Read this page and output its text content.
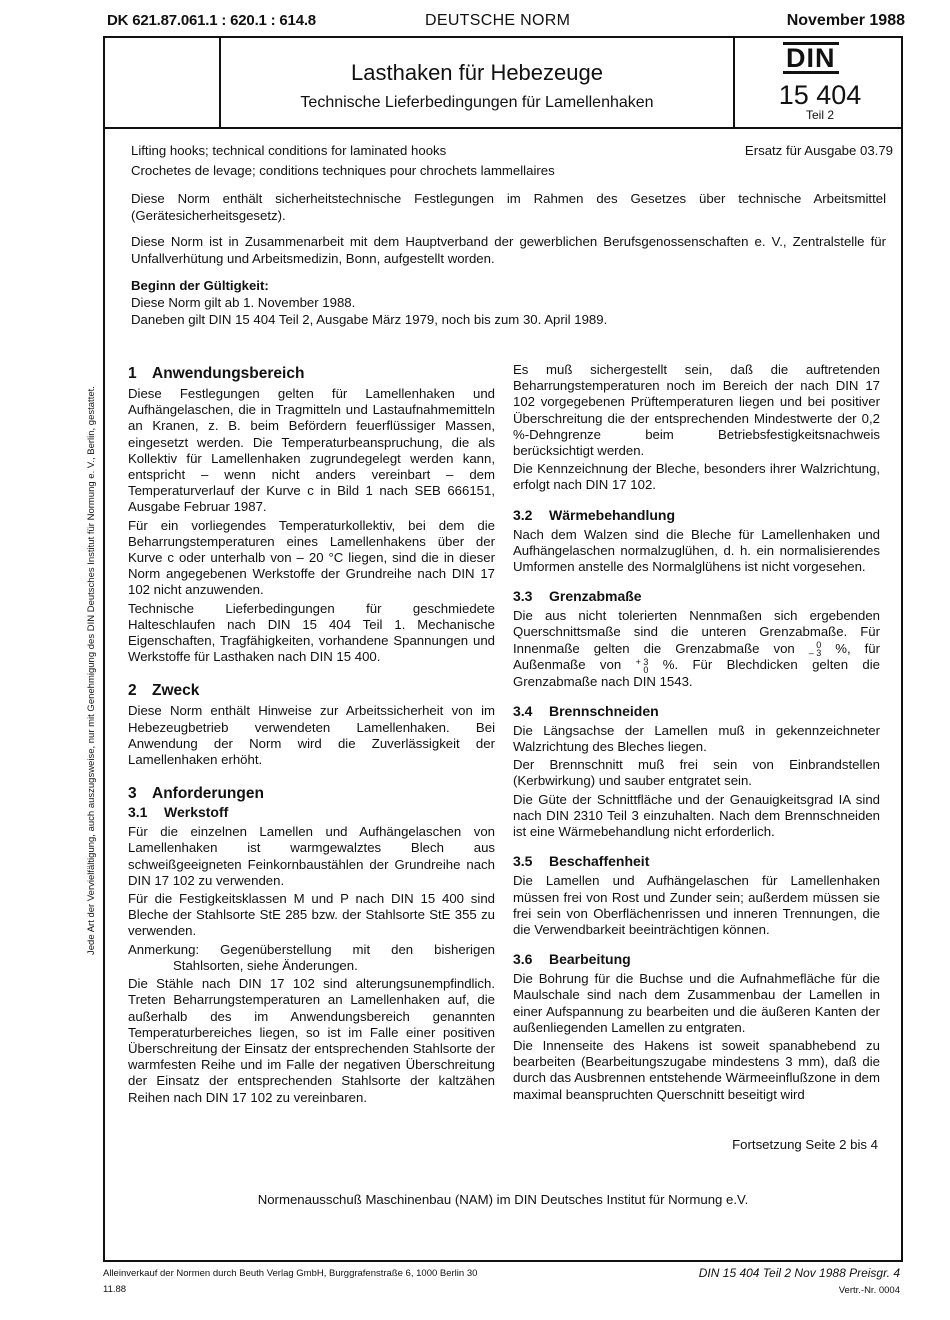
DK 621.87.061.1 : 620.1 : 614.8	DEUTSCHE NORM	November 1988
Lasthaken für Hebezeuge
Technische Lieferbedingungen für Lamellenhaken
DIN
15 404
Teil 2
Lifting hooks; technical conditions for laminated hooks	Ersatz für Ausgabe 03.79
Crochetes de levage; conditions techniques pour chrochets lammellaires

Diese Norm enthält sicherheitstechnische Festlegungen im Rahmen des Gesetzes über technische Arbeitsmittel (Gerätesicherheitsgesetz).

Diese Norm ist in Zusammenarbeit mit dem Hauptverband der gewerblichen Berufsgenossenschaften e. V., Zentralstelle für Unfallverhütung und Arbeitsmedizin, Bonn, aufgestellt worden.

Beginn der Gültigkeit:

Diese Norm gilt ab 1. November 1988.

Daneben gilt DIN 15 404 Teil 2, Ausgabe März 1979, noch bis zum 30. April 1989.

1 Anwendungsbereich

Diese Festlegungen gelten für Lamellenhaken und Aufhängelaschen, die in Tragmitteln und Lastaufnahmemitteln an Kranen, z. B. beim Befördern feuerflüssiger Massen, eingesetzt werden. Die Temperaturbeanspruchung, die als Kollektiv für Lamellenhaken zugrundegelegt werden kann, entspricht – wenn nicht anders vereinbart – dem Temperaturverlauf der Kurve c in Bild 1 nach SEB 666151, Ausgabe Februar 1987.

Für ein vorliegendes Temperaturkollektiv, bei dem die Beharrungstemperaturen eines Lamellenhakens über der Kurve c oder unterhalb von – 20 °C liegen, sind die in dieser Norm angegebenen Werkstoffe der Grundreihe nach DIN 17 102 nicht anzuwenden.

Technische Lieferbedingungen für geschmiedete Halteschlaufen nach DIN 15 404 Teil 1. Mechanische Eigenschaften, Tragfähigkeiten, vorhandene Spannungen und Werkstoffe für Lasthaken nach DIN 15 400.

2 Zweck

Diese Norm enthält Hinweise zur Arbeitssicherheit von im Hebezeugbetrieb verwendeten Lamellenhaken. Bei Anwendung der Norm wird die Zuverlässigkeit der Lamellenhaken erhöht.

3 Anforderungen
3.1 Werkstoff

Für die einzelnen Lamellen und Aufhängelaschen von Lamellenhaken ist warmgewalztes Blech aus schweißgeeigneten Feinkornbaustählen der Grundreihe nach DIN 17 102 zu verwenden.

Für die Festigkeitsklassen M und P nach DIN 15 400 sind Bleche der Stahlsorte StE 285 bzw. der Stahlsorte StE 355 zu verwenden.

Anmerkung: Gegenüberstellung mit den bisherigen Stahlsorten, siehe Änderungen.

Die Stähle nach DIN 17 102 sind alterungsunempfindlich. Treten Beharrungstemperaturen an Lamellenhaken auf, die außerhalb des im Anwendungsbereich genannten Temperaturbereiches liegen, so ist im Falle einer positiven Überschreitung der Einsatz der entsprechenden Stahlsorte der warmfesten Reihe und im Falle der negativen Überschreitung der Einsatz der entsprechenden Stahlsorte der kaltzähen Reihen nach DIN 17 102 zu vereinbaren.

Es muß sichergestellt sein, daß die auftretenden Beharrungstemperaturen noch im Bereich der nach DIN 17 102 vorgegebenen Prüftemperaturen liegen und bei positiver Überschreitung die der entsprechenden Mindestwerte der 0,2 %-Dehngrenze beim Betriebsfestigkeitsnachweis berücksichtigt werden.

Die Kennzeichnung der Bleche, besonders ihrer Walzrichtung, erfolgt nach DIN 17 102.

3.2 Wärmebehandlung

Nach dem Walzen sind die Bleche für Lamellenhaken und Aufhängelaschen normalzuglühen, d. h. ein normalisierendes Umformen anstelle des Normalglühens ist nicht vorgesehen.

3.3 Grenzabmaße

Die aus nicht tolerierten Nennmaßen sich ergebenden Querschnittsmaße sind die unteren Grenzabmaße. Für Innenmaße gelten die Grenzabmaße von 0
– 3 %, für Außenmaße von + 3
0 %. Für Blechdicken gelten die Grenzabmaße nach DIN 1543.

3.4 Brennschneiden

Die Längsachse der Lamellen muß in gekennzeichneter Walzrichtung des Bleches liegen.

Der Brennschnitt muß frei sein von Einbrandstellen (Kerbwirkung) und sauber entgratet sein.

Die Güte der Schnittfläche und der Genauigkeitsgrad IA sind nach DIN 2310 Teil 3 einzuhalten. Nach dem Brennschneiden ist eine Wärmebehandlung nicht erforderlich.

3.5 Beschaffenheit

Die Lamellen und Aufhängelaschen für Lamellenhaken müssen frei von Rost und Zunder sein; außerdem müssen sie frei sein von Oberflächenrissen und inneren Trennungen, die die Verwendbarkeit beeinträchtigen können.

3.6 Bearbeitung

Die Bohrung für die Buchse und die Aufnahmefläche für die Maulschale sind nach dem Zusammenbau der Lamellen in einer Aufspannung zu bearbeiten und die äußeren Kanten der außenliegenden Lamellen zu entgraten.

Die Innenseite des Hakens ist soweit spanabhebend zu bearbeiten (Bearbeitungszugabe mindestens 3 mm), daß die durch das Ausbrennen entstehende Wärmeeinflußzone in dem maximal beanspruchten Querschnitt beseitigt wird

Fortsetzung Seite 2 bis 4
Normenausschuß Maschinenbau (NAM) im DIN Deutsches Institut für Normung e.V.
Jede Art der Vervielfältigung, auch auszugsweise, nur mit Genehmigung des DIN Deutsches Institut für Normung e. V., Berlin, gestattet.
Alleinverkauf der Normen durch Beuth Verlag GmbH, Burggrafenstraße 6, 1000 Berlin 30
11.88
DIN 15 404 Teil 2 Nov 1988 Preisgr. 4
Vertr.-Nr. 0004
